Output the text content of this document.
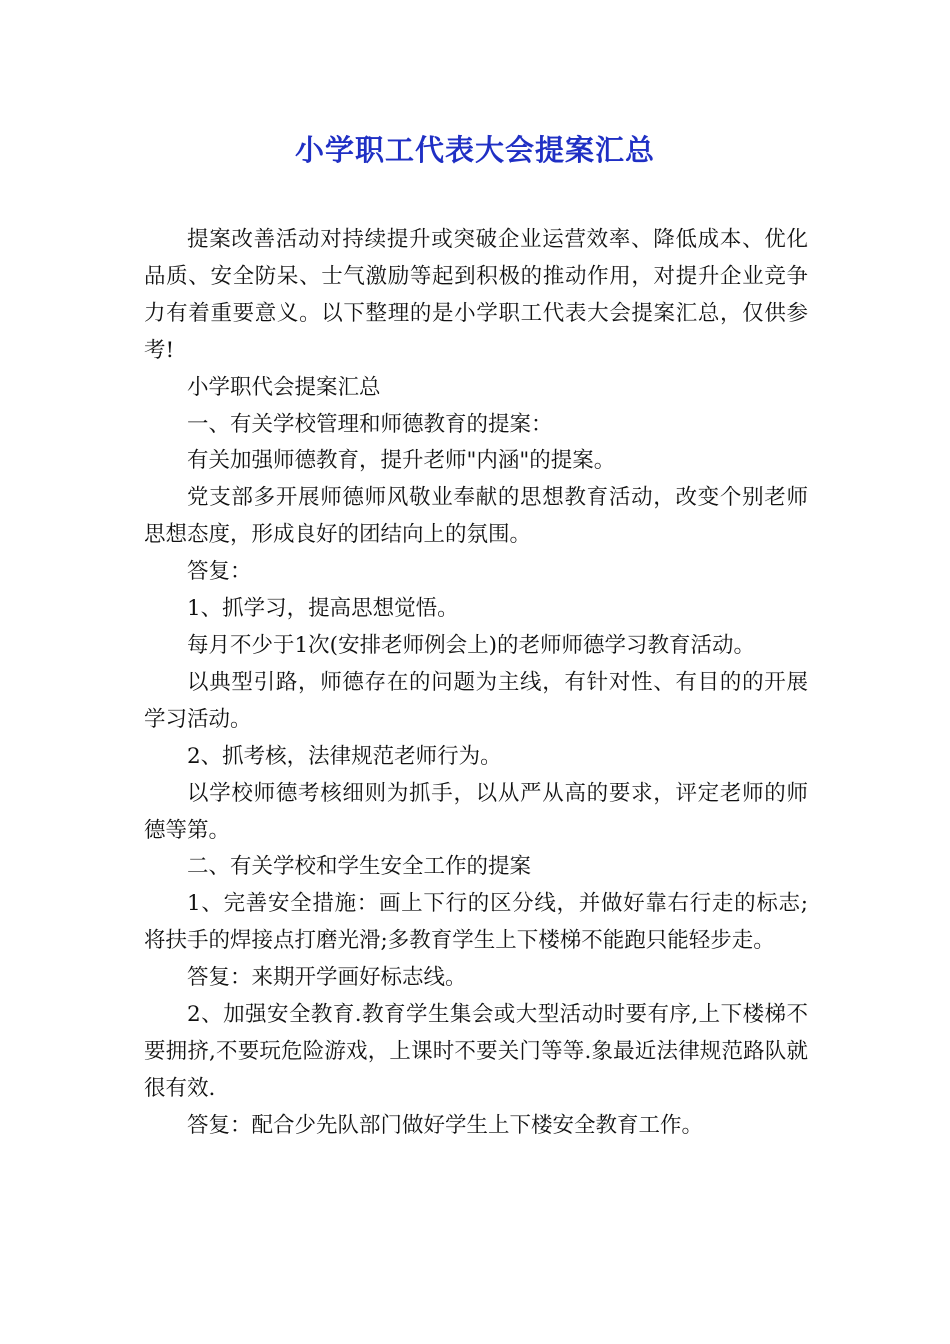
小学职工代表大会提案汇总

提案改善活动对持续提升或突破企业运营效率、降低成本、优化品质、安全防呆、士气激励等起到积极的推动作用，对提升企业竞争力有着重要意义。以下整理的是小学职工代表大会提案汇总，仅供参考!

小学职代会提案汇总

一、有关学校管理和师德教育的提案：

有关加强师德教育，提升老师"内涵"的提案。

党支部多开展师德师风敬业奉献的思想教育活动，改变个别老师思想态度，形成良好的团结向上的氛围。

答复：

1、抓学习，提高思想觉悟。

每月不少于1次(安排老师例会上)的老师师德学习教育活动。

以典型引路，师德存在的问题为主线，有针对性、有目的的开展学习活动。

2、抓考核，法律规范老师行为。

以学校师德考核细则为抓手，以从严从高的要求，评定老师的师德等第。

二、有关学校和学生安全工作的提案

1、完善安全措施：画上下行的区分线，并做好靠右行走的标志;将扶手的焊接点打磨光滑;多教育学生上下楼梯不能跑只能轻步走。

答复：来期开学画好标志线。

2、加强安全教育.教育学生集会或大型活动时要有序,上下楼梯不要拥挤,不要玩危险游戏，上课时不要关门等等.象最近法律规范路队就很有效.

答复：配合少先队部门做好学生上下楼安全教育工作。
